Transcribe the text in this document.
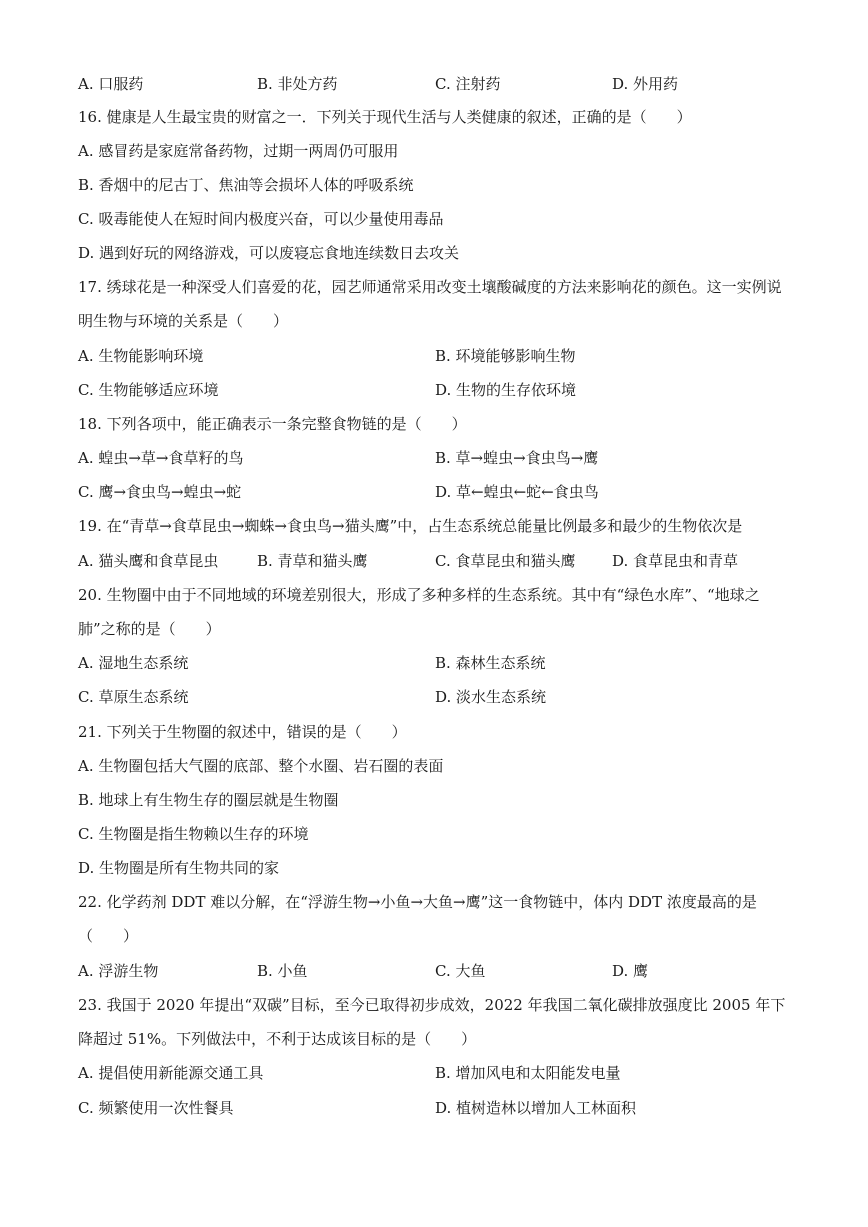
A. 口服药	B. 非处方药	C. 注射药	D. 外用药
16. 健康是人生最宝贵的财富之一．下列关于现代生活与人类健康的叙述，正确的是（　　）
A. 感冒药是家庭常备药物，过期一两周仍可服用
B. 香烟中的尼古丁、焦油等会损坏人体的呼吸系统
C. 吸毒能使人在短时间内极度兴奋，可以少量使用毒品
D. 遇到好玩的网络游戏，可以废寝忘食地连续数日去攻关
17. 绣球花是一种深受人们喜爱的花，园艺师通常采用改变土壤酸碱度的方法来影响花的颜色。这一实例说
明生物与环境的关系是（　　）
A. 生物能影响环境	B. 环境能够影响生物
C. 生物能够适应环境	D. 生物的生存依环境
18. 下列各项中，能正确表示一条完整食物链的是（　　）
A. 蝗虫→草→食草籽的鸟	B. 草→蝗虫→食虫鸟→鹰
C. 鹰→食虫鸟→蝗虫→蛇	D. 草←蝗虫←蛇←食虫鸟
19. 在“青草→食草昆虫→蜘蛛→食虫鸟→猫头鹰”中，占生态系统总能量比例最多和最少的生物依次是
A. 猫头鹰和食草昆虫	B. 青草和猫头鹰	C. 食草昆虫和猫头鹰 D. 食草昆虫和青草
20. 生物圈中由于不同地域的环境差别很大，形成了多种多样的生态系统。其中有“绿色水库”、“地球之
肺”之称的是（　　）
A. 湿地生态系统	B. 森林生态系统
C. 草原生态系统	D. 淡水生态系统
21. 下列关于生物圈的叙述中，错误的是（　　）
A. 生物圈包括大气圈的底部、整个水圈、岩石圈的表面
B. 地球上有生物生存的圈层就是生物圈
C. 生物圈是指生物赖以生存的环境
D. 生物圈是所有生物共同的家
22. 化学药剂 DDT 难以分解，在“浮游生物→小鱼→大鱼→鹰”这一食物链中，体内 DDT 浓度最高的是
（　　）
A. 浮游生物	B. 小鱼	C. 大鱼	D. 鹰
23. 我国于 2020 年提出“双碳”目标，至今已取得初步成效，2022 年我国二氧化碳排放强度比 2005 年下
降超过 51%。下列做法中，不利于达成该目标的是（　　）
A. 提倡使用新能源交通工具	B. 增加风电和太阳能发电量
C. 频繁使用一次性餐具	D. 植树造林以增加人工林面积
